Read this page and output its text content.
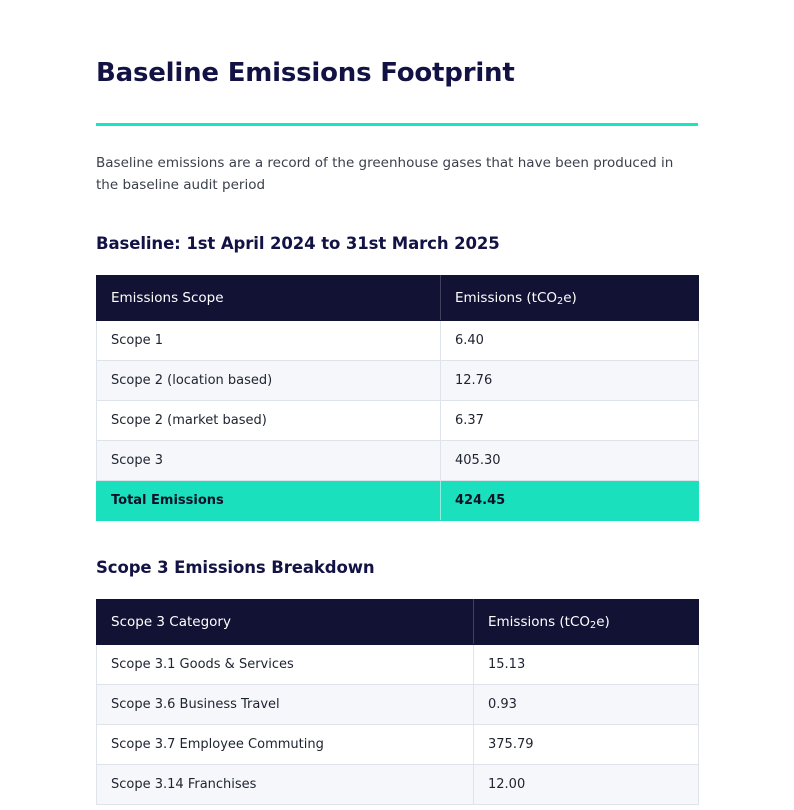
Baseline Emissions Footprint

Baseline emissions are a record of the greenhouse gases that have been produced in the baseline audit period

Baseline: 1st April 2024 to 31st March 2025
Emissions Scope	Emissions (tCO$_2$e)
Scope 1	6.40
Scope 2 (location based)	12.76
Scope 2 (market based)	6.37
Scope 3	405.30
Total Emissions	424.45
Scope 3 Emissions Breakdown
Scope 3 Category	Emissions (tCO$_2$e)
Scope 3.1 Goods & Services	15.13
Scope 3.6 Business Travel	0.93
Scope 3.7 Employee Commuting	375.79
Scope 3.14 Franchises	12.00
